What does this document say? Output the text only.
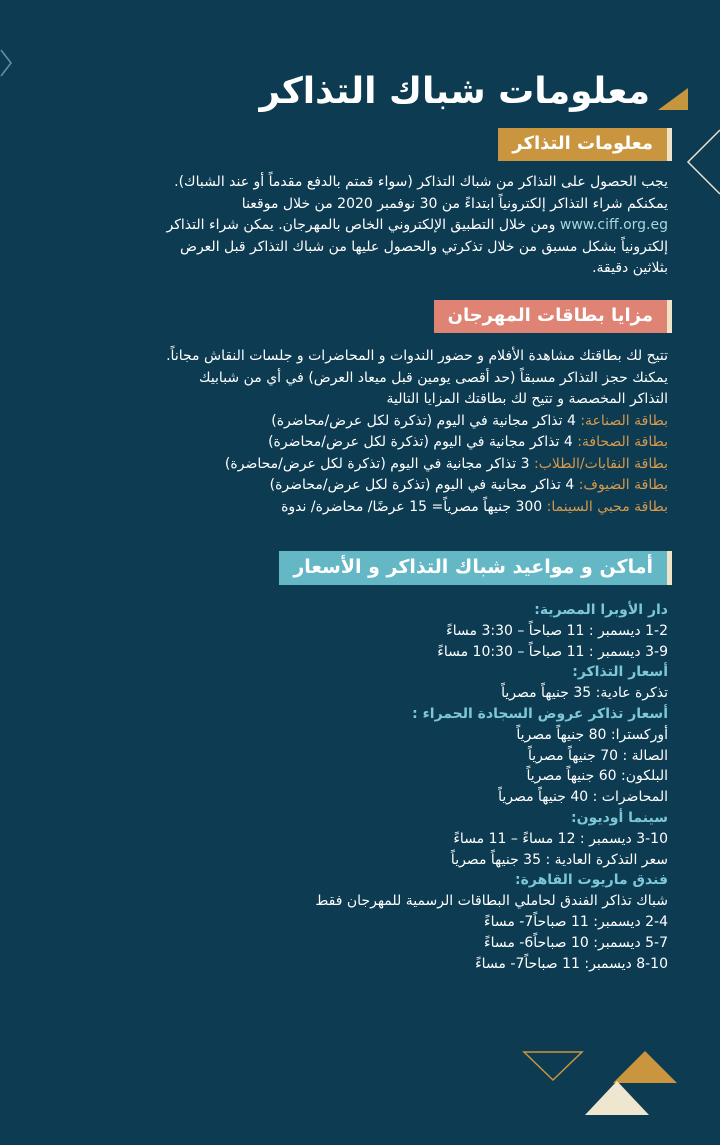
معلومات شباك التذاكر
معلومات التذاكر

يجب الحصول على التذاكر من شباك التذاكر (سواء قمتم بالدفع مقدماً أو عند الشباك).

يمكنكم شراء التذاكر إلكترونياً ابتداءً من 30 نوفمبر 2020 من خلال موقعنا

www.ciff.org.eg ومن خلال التطبيق الإلكتروني الخاص بالمهرجان. يمكن شراء التذاكر

إلكترونياً بشكل مسبق من خلال تذكرتي والحصول عليها من شباك التذاكر قبل العرض

بثلاثين دقيقة.

مزايا بطاقات المهرجان

تتيح لك بطاقتك مشاهدة الأفلام و حضور الندوات و المحاضرات و جلسات النقاش مجاناً.

يمكنك حجز التذاكر مسبقاً (حد أقصى يومين قبل ميعاد العرض) في أي من شبابيك

التذاكر المخصصة و تتيح لك بطاقتك المزايا التالية

بطاقة الصناعة: 4 تذاكر مجانية في اليوم (تذكرة لكل عرض/محاضرة)

بطاقة الصحافة: 4 تذاكر مجانية في اليوم (تذكرة لكل عرض/محاضرة)

بطاقة النقابات/الطلاب: 3 تذاكر مجانية في اليوم (تذكرة لكل عرض/محاضرة)

بطاقة الضيوف: 4 تذاكر مجانية في اليوم (تذكرة لكل عرض/محاضرة)

بطاقة محبي السينما: 300 جنيهاً مصرياً= 15 عرضًا/ محاضرة/ ندوة

أماكن و مواعيد شباك التذاكر و الأسعار
دار الأوبرا المصرية:
1-2 ديسمبر : 11 صباحاً – 3:30 مساءً
3-9 ديسمبر : 11 صباحاً – 10:30 مساءً
أسعار التذاكر:
تذكرة عادية: 35 جنيهاً مصرياً
أسعار تذاكر عروض السجادة الحمراء :
أوركسترا: 80 جنيهاً مصرياً
الصالة : 70 جنيهاً مصرياً
البلكون: 60 جنيهاً مصرياً
المحاضرات : 40 جنيهاً مصرياً
سينما أوديون:
3-10 ديسمبر : 12 مساءً – 11 مساءً
سعر التذكرة العادية : 35 جنيهاً مصرياً
فندق ماريوت القاهرة:
شباك تذاكر الفندق لحاملي البطاقات الرسمية للمهرجان فقط
2-4 ديسمبر: 11 صباحاً7- مساءً
5-7 ديسمبر: 10 صباحاً6- مساءً
8-10 ديسمبر: 11 صباحاً7- مساءً
